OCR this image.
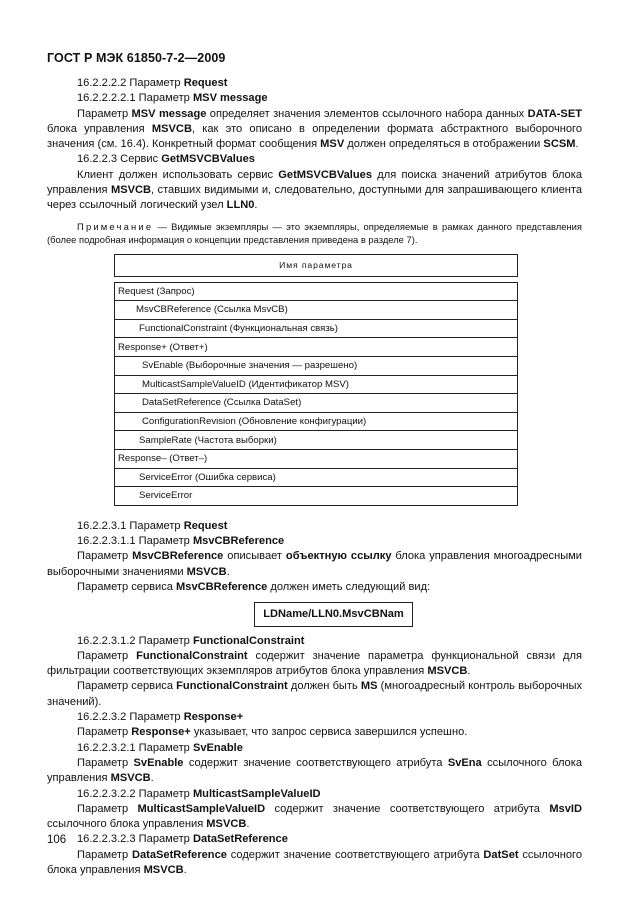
ГОСТ Р МЭК 61850-7-2—2009

16.2.2.2.2 Параметр Request

16.2.2.2.2.1 Параметр MSV message

Параметр MSV message определяет значения элементов ссылочного набора данных DATA-SET блока управления MSVCB, как это описано в определении формата абстрактного выборочного значения (см. 16.4). Конкретный формат сообщения MSV должен определяться в отображении SCSM.

16.2.2.3 Сервис GetMSVCBValues

Клиент должен использовать сервис GetMSVCBValues для поиска значений атрибутов блока управления MSVCB, ставших видимыми и, следовательно, доступными для запрашивающего клиента через ссылочный логический узел LLN0.

Примечание — Видимые экземпляры — это экземпляры, определяемые в рамках данного представления (более подробная информация о концепции представления приведена в разделе 7).

Имя параметра

Request (Запрос)
MsvCBReference (Ссылка MsvCB)
FunctionalConstraint (Функциональная связь)
Response+ (Ответ+)
SvEnable (Выборочные значения — разрешено)
MulticastSampleValueID (Идентификатор MSV)
DataSetReference (Ссылка DataSet)
ConfigurationRevision (Обновление конфигурации)
SampleRate (Частота выборки)
Response– (Ответ–)
ServiceError (Ошибка сервиса)
ServiceError

16.2.2.3.1 Параметр Request

16.2.2.3.1.1 Параметр MsvCBReference

Параметр MsvCBReference описывает объектную ссылку блока управления многоадресными выборочными значениями MSVCB.

Параметр сервиса MsvCBReference должен иметь следующий вид:

LDName/LLN0.MsvCBNam

16.2.2.3.1.2 Параметр FunctionalConstraint

Параметр FunctionalConstraint содержит значение параметра функциональной связи для фильтрации соответствующих экземпляров атрибутов блока управления MSVCB.

Параметр сервиса FunctionalConstraint должен быть MS (многоадресный контроль выборочных значений).

16.2.2.3.2 Параметр Response+

Параметр Response+ указывает, что запрос сервиса завершился успешно.

16.2.2.3.2.1 Параметр SvEnable

Параметр SvEnable содержит значение соответствующего атрибута SvEna ссылочного блока управления MSVCB.

16.2.2.3.2.2 Параметр MulticastSampleValueID

Параметр MulticastSampleValueID содержит значение соответствующего атрибута MsvID ссылочного блока управления MSVCB.

16.2.2.3.2.3 Параметр DataSetReference

Параметр DataSetReference содержит значение соответствующего атрибута DatSet ссылочного блока управления MSVCB.

106
